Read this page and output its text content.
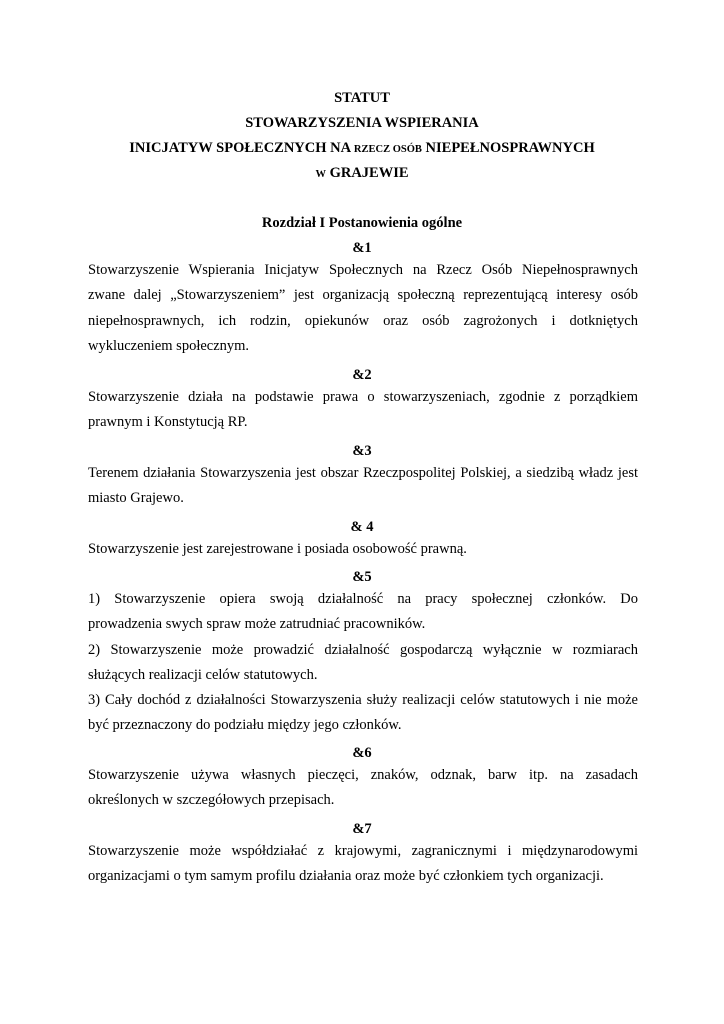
STATUT
STOWARZYSZENIA WSPIERANIA
INICJATYW SPOŁECZNYCH NA RZECZ OSÓB NIEPEŁNOSPRAWNYCH
W GRAJEWIE
Rozdział I Postanowienia ogólne
&1
Stowarzyszenie Wspierania Inicjatyw Społecznych na Rzecz Osób Niepełnosprawnych
zwane dalej „Stowarzyszeniem” jest organizacją społeczną reprezentującą interesy osób
niepełnosprawnych, ich rodzin, opiekunów oraz osób zagrożonych i dotkniętych
wykluczeniem społecznym.
&2
Stowarzyszenie działa na podstawie prawa o stowarzyszeniach, zgodnie z porządkiem
prawnym i Konstytucją RP.
&3
Terenem działania Stowarzyszenia jest obszar Rzeczpospolitej Polskiej, a siedzibą władz jest
miasto Grajewo.
& 4
Stowarzyszenie jest zarejestrowane i posiada osobowość prawną.
&5
1) Stowarzyszenie opiera swoją działalność na pracy społecznej członków. Do
prowadzenia swych spraw może zatrudniać pracowników.
2) Stowarzyszenie może prowadzić działalność gospodarczą wyłącznie w rozmiarach
służących realizacji celów statutowych.
3) Cały dochód z działalności Stowarzyszenia służy realizacji celów statutowych i nie może
być przeznaczony do podziału między jego członków.
&6
Stowarzyszenie używa własnych pieczęci, znaków, odznak, barw itp. na zasadach
określonych w szczegółowych przepisach.
&7
Stowarzyszenie może współdziałać z krajowymi, zagranicznymi i międzynarodowymi
organizacjami o tym samym profilu działania oraz może być członkiem tych organizacji.
